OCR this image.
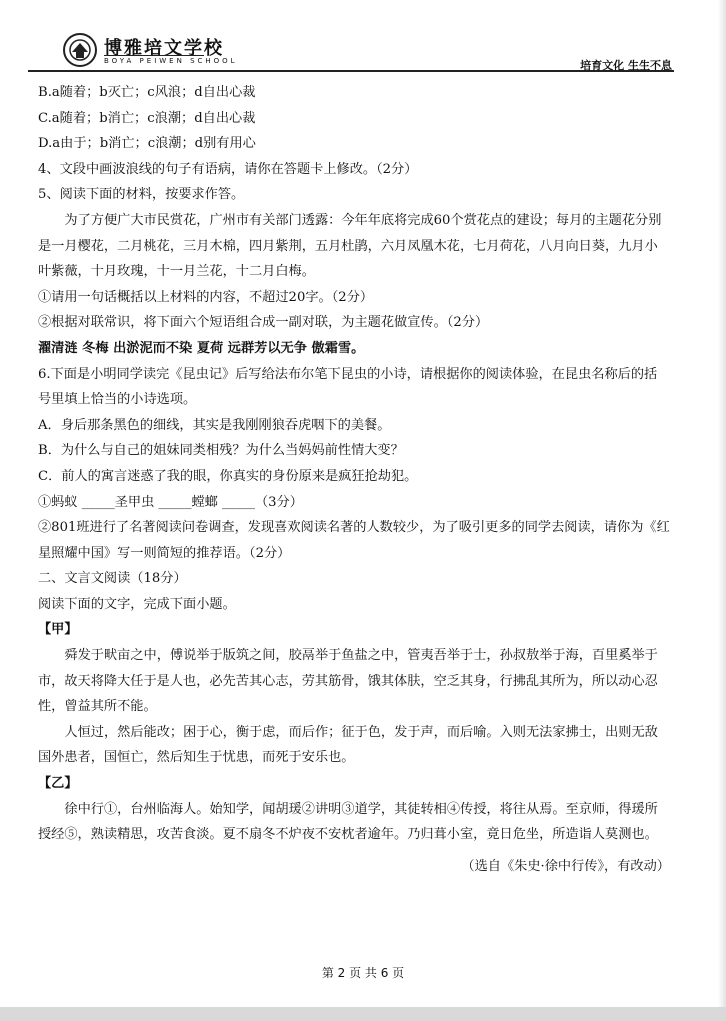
博雅培文学校
BOYA PEIWEN SCHOOL	培育文化 生生不息

B.a随着；b灭亡；c风浪；d自出心裁

C.a随着；b消亡；c浪潮；d自出心裁

D.a由于；b消亡；c浪潮；d别有用心

4、文段中画波浪线的句子有语病，请你在答题卡上修改。（2分）

5、阅读下面的材料，按要求作答。

为了方便广大市民赏花，广州市有关部门透露：今年年底将完成60个赏花点的建设；每月的主题花分别是一月樱花，二月桃花，三月木棉，四月紫荆，五月杜鹃，六月凤凰木花，七月荷花，八月向日葵，九月小叶紫薇，十月玫瑰，十一月兰花，十二月白梅。

①请用一句话概括以上材料的内容，不超过20字。（2分）

②根据对联常识，将下面六个短语组合成一副对联，为主题花做宣传。（2分）

濯清涟 冬梅 出淤泥而不染 夏荷 远群芳以无争 傲霜雪。

6.下面是小明同学读完《昆虫记》后写给法布尔笔下昆虫的小诗，请根据你的阅读体验，在昆虫名称后的括号里填上恰当的小诗选项。

A．身后那条黑色的细线，其实是我刚刚狼吞虎咽下的美餐。

B．为什么与自己的姐妹同类相残？为什么当妈妈前性情大变？

C．前人的寓言迷惑了我的眼，你真实的身份原来是疯狂抢劫犯。

①蚂蚁 _____圣甲虫 _____螳螂 _____（3分）

②801班进行了名著阅读问卷调查，发现喜欢阅读名著的人数较少，为了吸引更多的同学去阅读，请你为《红星照耀中国》写一则简短的推荐语。（2分）

二、文言文阅读（18分）

阅读下面的文字，完成下面小题。

【甲】

舜发于畎亩之中，傅说举于版筑之间，胶鬲举于鱼盐之中，管夷吾举于士，孙叔敖举于海，百里奚举于市，故天将降大任于是人也，必先苦其心志，劳其筋骨，饿其体肤，空乏其身，行拂乱其所为，所以动心忍性，曾益其所不能。

人恒过，然后能改；困于心，衡于虑，而后作；征于色，发于声，而后喻。入则无法家拂士，出则无敌国外患者，国恒亡，然后知生于忧患，而死于安乐也。

【乙】

徐中行①，台州临海人。始知学，闻胡瑗②讲明③道学，其徒转相④传授，将往从焉。至京师，得瑗所授经⑤，熟读精思，攻苦食淡。夏不扇冬不炉夜不安枕者逾年。乃归葺小室，竟日危坐，所造诣人莫测也。

（选自《朱史·徐中行传》，有改动）

第 2 页 共 6 页
